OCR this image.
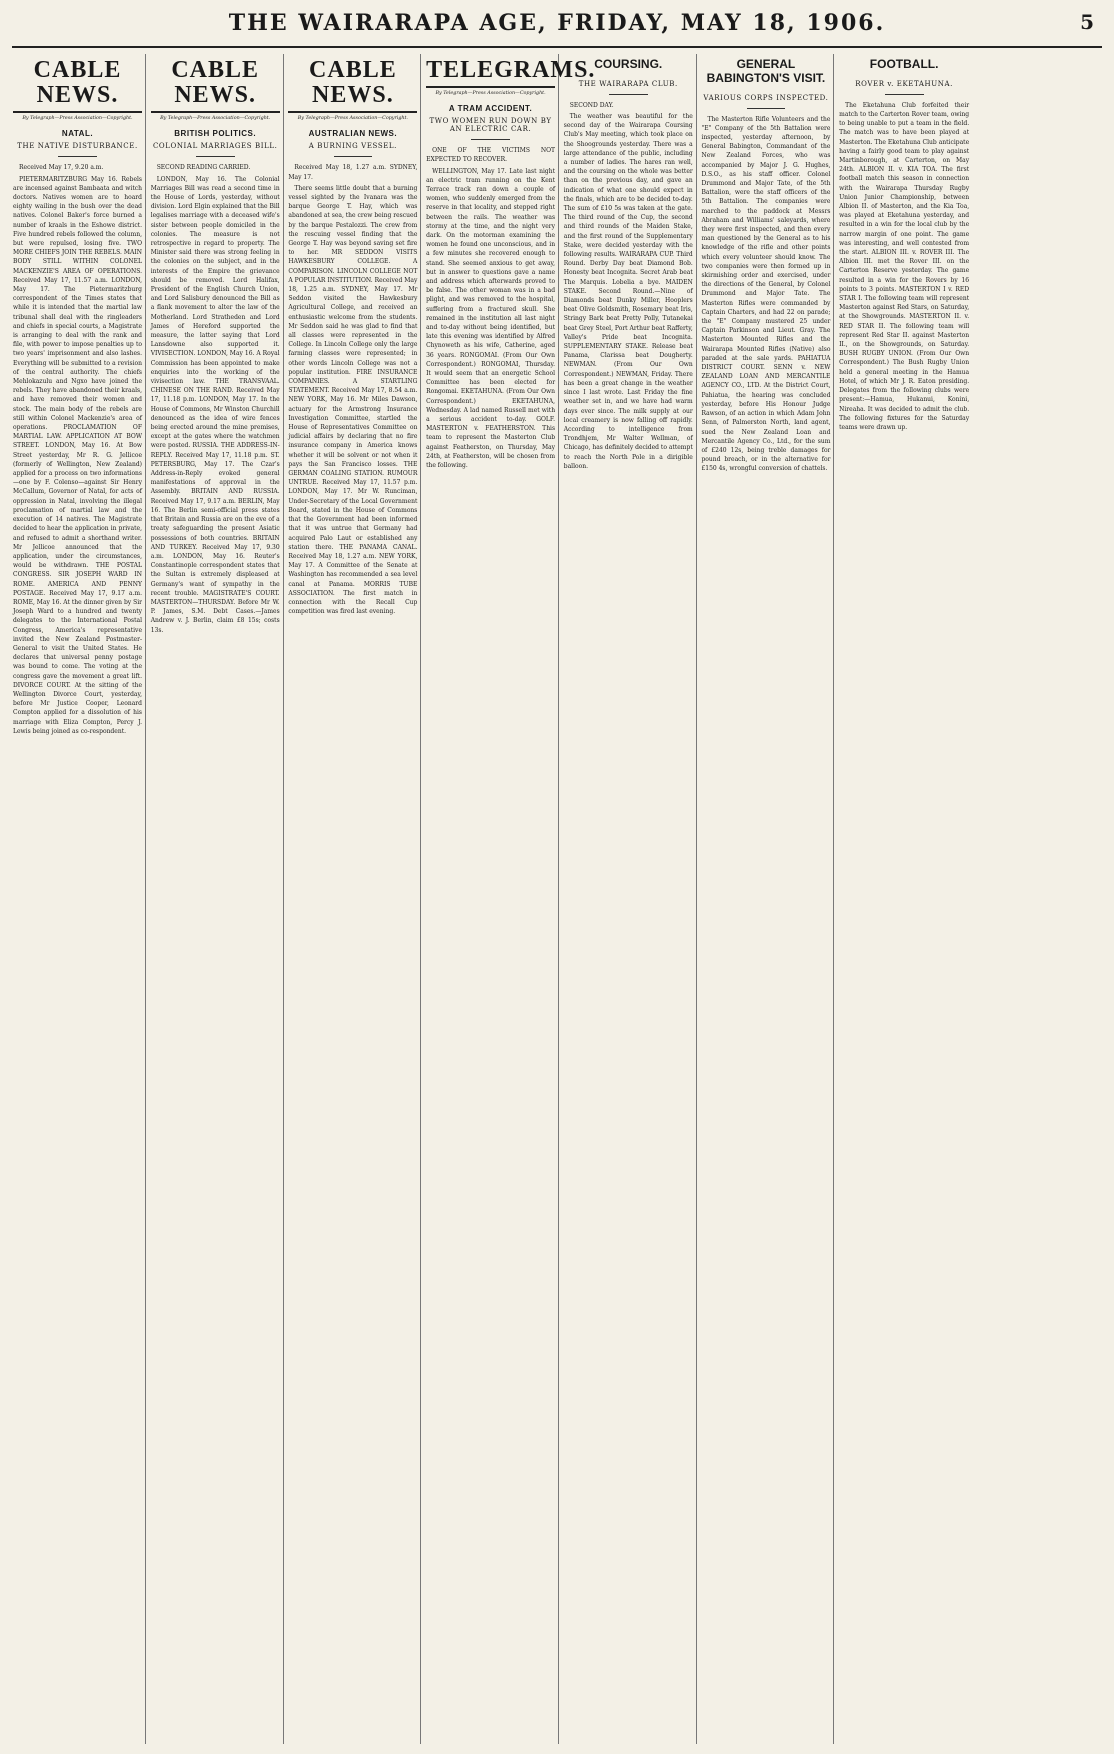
THE WAIRARAPA AGE, FRIDAY, MAY 18, 1906.	5
CABLE NEWS.
By Telegraph—Press Association—Copyright.
NATAL.
THE NATIVE DISTURBANCE.
Received May 17, 9.20 a.m.
PIETERMARITZBURG May 16. Rebels are incensed against Bambaata and witch doctors. Natives women are to hoard eighty wailing in the bush over the dead natives. Colonel Baker's force burned a number of kraals in the Eshowe district. Five hundred rebels followed the column, but were repulsed, losing five. TWO MORE CHIEFS JOIN THE REBELS. MAIN BODY STILL WITHIN COLONEL MACKENZIE'S AREA OF OPERATIONS. Received May 17, 11.57 a.m. LONDON, May 17. The Pietermaritzburg correspondent of the Times states that while it is intended that the martial law tribunal shall deal with the ringleaders and chiefs in special courts, a Magistrate is arranging to deal with the rank and file, with power to impose penalties up to two years' imprisonment and also lashes. Everything will be submitted to a revision of the central authority. The chiefs Mehlokazulu and Ngxo have joined the rebels. They have abandoned their kraals, and have removed their women and stock. The main body of the rebels are still within Colonel Mackenzie's area of operations. PROCLAMATION OF MARTIAL LAW. APPLICATION AT BOW STREET. LONDON, May 16. At Bow Street yesterday, Mr R. G. Jellicoe (formerly of Wellington, New Zealand) applied for a process on two informations—one by F. Colenso—against Sir Henry McCallum, Governor of Natal, for acts of oppression in Natal, involving the illegal proclamation of martial law and the execution of 14 natives. The Magistrate decided to hear the application in private, and refused to admit a shorthand writer. Mr Jellicoe announced that the application, under the circumstances, would be withdrawn. THE POSTAL CONGRESS. SIR JOSEPH WARD IN ROME. AMERICA AND PENNY POSTAGE. Received May 17, 9.17 a.m. ROME, May 16. At the dinner given by Sir Joseph Ward to a hundred and twenty delegates to the International Postal Congress, America's representative invited the New Zealand Postmaster-General to visit the United States. He declares that universal penny postage was bound to come. The voting at the congress gave the movement a great lift. DIVORCE COURT. At the sitting of the Wellington Divorce Court, yesterday, before Mr Justice Cooper, Leonard Compton applied for a dissolution of his marriage with Eliza Compton, Percy J. Lewis being joined as co-respondent.
CABLE NEWS.
By Telegraph—Press Association—Copyright.
BRITISH POLITICS.
COLONIAL MARRIAGES BILL.
SECOND READING CARRIED.
LONDON, May 16. The Colonial Marriages Bill was read a second time in the House of Lords, yesterday, without division. Lord Elgin explained that the Bill legalises marriage with a deceased wife's sister between people domiciled in the colonies. The measure is not retrospective in regard to property. The Minister said there was strong feeling in the colonies on the subject, and in the interests of the Empire the grievance should be removed. Lord Halifax, President of the English Church Union, and Lord Salisbury denounced the Bill as a flank movement to alter the law of the Motherland. Lord Stratheden and Lord James of Hereford supported the measure, the latter saying that Lord Lansdowne also supported it. VIVISECTION. LONDON, May 16. A Royal Commission has been appointed to make enquiries into the working of the vivisection law. THE TRANSVAAL. CHINESE ON THE RAND. Received May 17, 11.18 p.m. LONDON, May 17. In the House of Commons, Mr Winston Churchill denounced as the idea of wire fences being erected around the mine premises, except at the gates where the watchmen were posted. RUSSIA. THE ADDRESS-IN-REPLY. Received May 17, 11.18 p.m. ST. PETERSBURG, May 17. The Czar's Address-in-Reply evoked general manifestations of approval in the Assembly. BRITAIN AND RUSSIA. Received May 17, 9.17 a.m. BERLIN, May 16. The Berlin semi-official press states that Britain and Russia are on the eve of a treaty safeguarding the present Asiatic possessions of both countries. BRITAIN AND TURKEY. Received May 17, 9.30 a.m. LONDON, May 16. Reuter's Constantinople correspondent states that the Sultan is extremely displeased at Germany's want of sympathy in the recent trouble. MAGISTRATE'S COURT. MASTERTON—THURSDAY. Before Mr W. P. James, S.M. Debt Cases.—James Andrew v. J. Berlin, claim £8 15s; costs 13s.
CABLE NEWS.
By Telegraph—Press Association—Copyright.
AUSTRALIAN NEWS.
A BURNING VESSEL.
Received May 18, 1.27 a.m. SYDNEY, May 17.
There seems little doubt that a burning vessel sighted by the Ivanara was the barque George T. Hay, which was abandoned at sea, the crew being rescued by the barque Pestalozzi. The crew from the rescuing vessel finding that the George T. Hay was beyond saving set fire to her. MR SEDDON VISITS HAWKESBURY COLLEGE. A COMPARISON. LINCOLN COLLEGE NOT A POPULAR INSTITUTION. Received May 18, 1.25 a.m. SYDNEY, May 17. Mr Seddon visited the Hawkesbury Agricultural College, and received an enthusiastic welcome from the students. Mr Seddon said he was glad to find that all classes were represented in the College. In Lincoln College only the large farming classes were represented; in other words Lincoln College was not a popular institution. FIRE INSURANCE COMPANIES. A STARTLING STATEMENT. Received May 17, 8.54 a.m. NEW YORK, May 16. Mr Miles Dawson, actuary for the Armstrong Insurance Investigation Committee, startled the House of Representatives Committee on judicial affairs by declaring that no fire insurance company in America knows whether it will be solvent or not when it pays the San Francisco losses. THE GERMAN COALING STATION. RUMOUR UNTRUE. Received May 17, 11.57 p.m. LONDON, May 17. Mr W. Runciman, Under-Secretary of the Local Government Board, stated in the House of Commons that the Government had been informed that it was untrue that Germany had acquired Palo Laut or established any station there. THE PANAMA CANAL. Received May 18, 1.27 a.m. NEW YORK, May 17. A Committee of the Senate at Washington has recommended a sea level canal at Panama. MORRIS TUBE ASSOCIATION. The first match in connection with the Recall Cup competition was fired last evening.
TELEGRAMS.
By Telegraph—Press Association—Copyright.
A TRAM ACCIDENT.
TWO WOMEN RUN DOWN BY AN ELECTRIC CAR.
ONE OF THE VICTIMS NOT EXPECTED TO RECOVER.
WELLINGTON, May 17. Late last night an electric tram running on the Kent Terrace track ran down a couple of women, who suddenly emerged from the reserve in that locality, and stepped right between the rails. The weather was stormy at the time, and the night very dark. On the motorman examining the women he found one unconscious, and in a few minutes she recovered enough to stand. She seemed anxious to get away, but in answer to questions gave a name and address which afterwards proved to be false. The other woman was in a bad plight, and was removed to the hospital, suffering from a fractured skull. She remained in the institution all last night and to-day without being identified, but late this evening was identified by Alfred Chynoweth as his wife, Catherine, aged 36 years. RONGOMAI. (From Our Own Correspondent.) RONGOMAI, Thursday. It would seem that an energetic School Committee has been elected for Rongomai. EKETAHUNA. (From Our Own Correspondent.) EKETAHUNA, Wednesday. A lad named Russell met with a serious accident to-day. GOLF. MASTERTON v. FEATHERSTON. This team to represent the Masterton Club against Featherston, on Thursday, May 24th, at Featherston, will be chosen from the following.
COURSING.
THE WAIRARAPA CLUB.
SECOND DAY.
The weather was beautiful for the second day of the Wairarapa Coursing Club's May meeting, which took place on the Shoogrounds yesterday. There was a large attendance of the public, including a number of ladies. The hares ran well, and the coursing on the whole was better than on the previous day, and gave an indication of what one should expect in the finals, which are to be decided to-day. The sum of £10 5s was taken at the gate. The third round of the Cup, the second and third rounds of the Maiden Stake, and the first round of the Supplementary Stake, were decided yesterday with the following results. WAIRARAPA CUP. Third Round. Derby Day beat Diamond Bob. Honesty beat Incognita. Secret Arab beat The Marquis. Lobelia a bye. MAIDEN STAKE. Second Round.—Nine of Diamonds beat Dunky Miller, Hooplers beat Olive Goldsmith, Rosemary beat Iris, Stringy Bark beat Pretty Polly, Tutanekai beat Grey Steel, Port Arthur beat Rafferty, Valley's Pride beat Incognita. SUPPLEMENTARY STAKE. Release beat Panama, Clarissa beat Dougherty. NEWMAN. (From Our Own Correspondent.) NEWMAN, Friday. There has been a great change in the weather since I last wrote. Last Friday the fine weather set in, and we have had warm days ever since. The milk supply at our local creamery is now falling off rapidly. According to intelligence from Trondhjem, Mr Walter Wellman, of Chicago, has definitely decided to attempt to reach the North Pole in a dirigible balloon.
GENERAL BABINGTON'S VISIT.
VARIOUS CORPS INSPECTED.
The Masterton Rifle Volunteers and the "E" Company of the 5th Battalion were inspected, yesterday afternoon, by General Babington, Commandant of the New Zealand Forces, who was accompanied by Major J. G. Hughes, D.S.O., as his staff officer. Colonel Drummond and Major Tate, of the 5th Battalion, were the staff officers of the 5th Battalion. The companies were marched to the paddock at Messrs Abraham and Williams' saleyards, where they were first inspected, and then every man questioned by the General as to his knowledge of the rifle and other points which every volunteer should know. The two companies were then formed up in skirmishing order and exercised, under the directions of the General, by Colonel Drummond and Major Tate. The Masterton Rifles were commanded by Captain Charters, and had 22 on parade; the "E" Company mustered 25 under Captain Parkinson and Lieut. Gray. The Masterton Mounted Rifles and the Wairarapa Mounted Rifles (Native) also paraded at the sale yards. PAHIATUA DISTRICT COURT. SENN v. NEW ZEALAND LOAN AND MERCANTILE AGENCY CO., LTD. At the District Court, Pahiatua, the hearing was concluded yesterday, before His Honour Judge Rawson, of an action in which Adam John Senn, of Palmerston North, land agent, sued the New Zealand Loan and Mercantile Agency Co., Ltd., for the sum of £240 12s, being treble damages for pound breach, or in the alternative for £150 4s, wrongful conversion of chattels.
FOOTBALL.
ROVER v. EKETAHUNA.
The Eketahuna Club forfeited their match to the Carterton Rover team, owing to being unable to put a team in the field. The match was to have been played at Masterton. The Eketahuna Club anticipate having a fairly good team to play against Martinborough, at Carterton, on May 24th. ALBION II. v. KIA TOA. The first football match this season in connection with the Wairarapa Thursday Rugby Union Junior Championship, between Albion II. of Masterton, and the Kia Toa, was played at Eketahuna yesterday, and resulted in a win for the local club by the narrow margin of one point. The game was interesting, and well contested from the start. ALBION III. v. ROVER III. The Albion III. met the Rover III. on the Carterton Reserve yesterday. The game resulted in a win for the Rovers by 16 points to 3 points. MASTERTON I v. RED STAR I. The following team will represent Masterton against Red Stars, on Saturday, at the Showgrounds. MASTERTON II. v. RED STAR II. The following team will represent Red Star II. against Masterton II., on the Showgrounds, on Saturday. BUSH RUGBY UNION. (From Our Own Correspondent.) The Bush Rugby Union held a general meeting in the Hamua Hotel, of which Mr J. R. Eaton presiding. Delegates from the following clubs were present:—Hamua, Hukanui, Konini, Nireaha. It was decided to admit the club. The following fixtures for the Saturday teams were drawn up.
